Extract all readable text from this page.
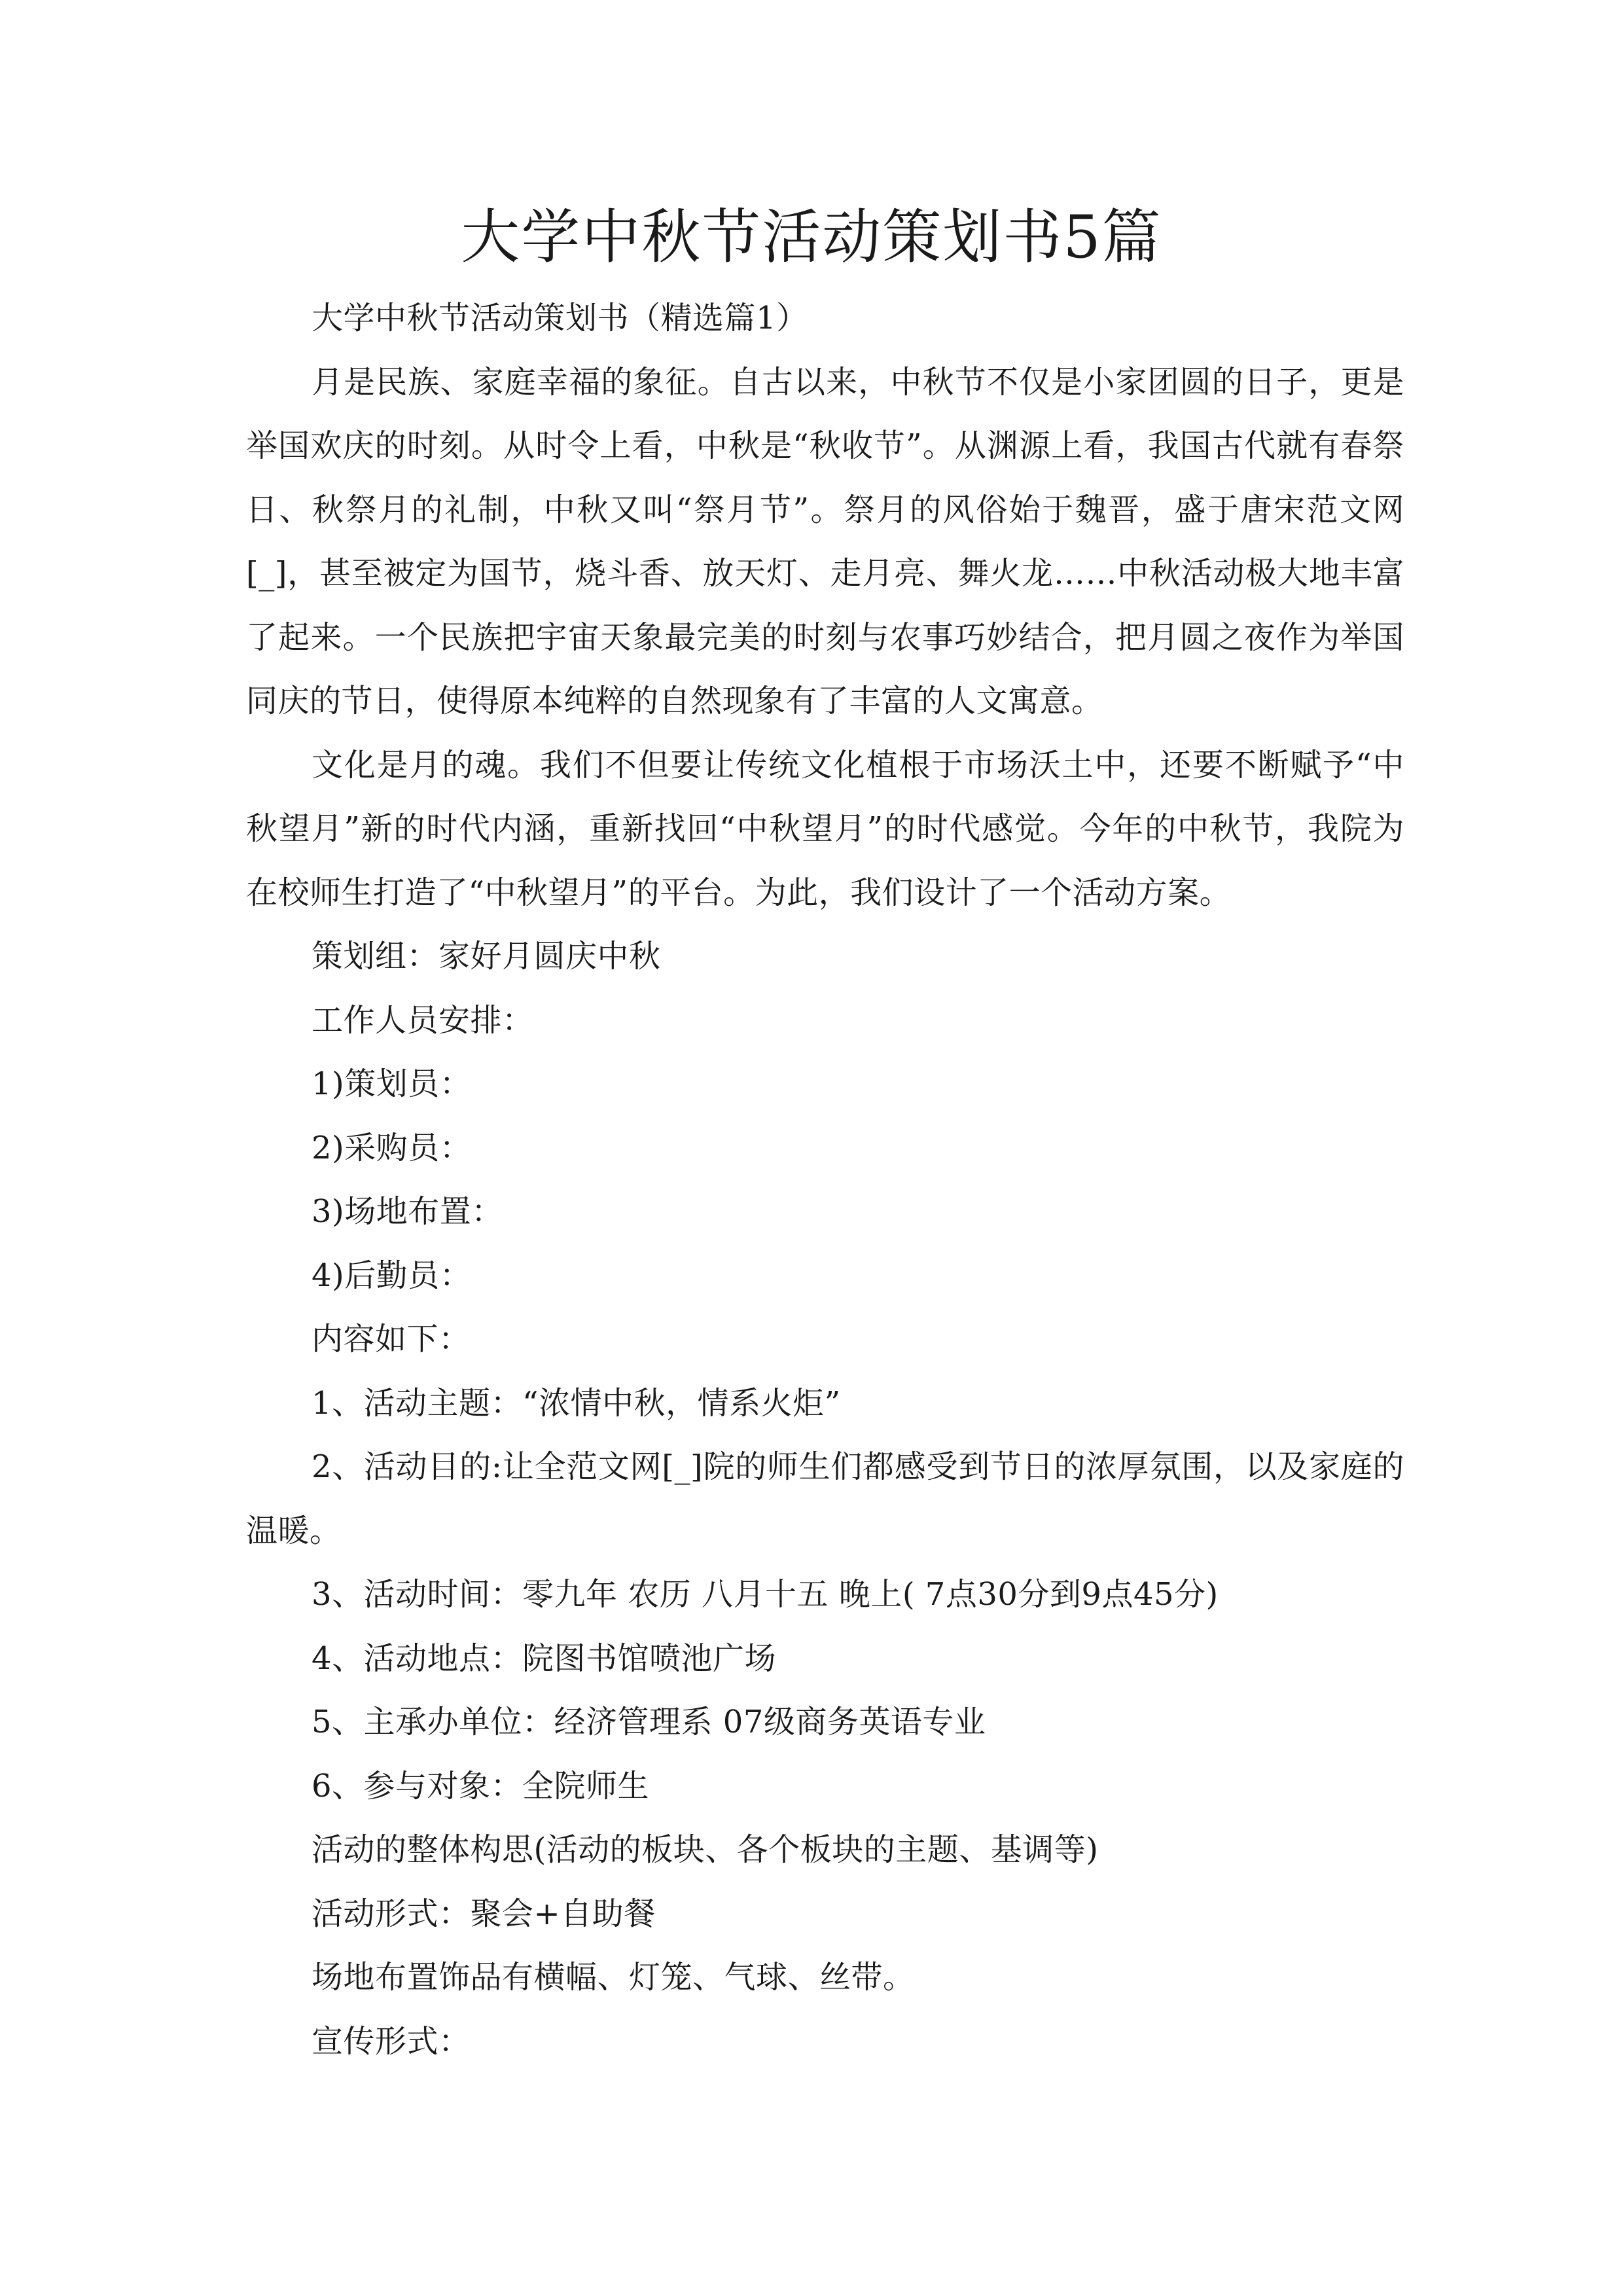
大学中秋节活动策划书5篇

大学中秋节活动策划书（精选篇1）

月是民族、家庭幸福的象征。自古以来，中秋节不仅是小家团圆的日子，更是举国欢庆的时刻。从时令上看，中秋是“秋收节”。从渊源上看，我国古代就有春祭日、秋祭月的礼制，中秋又叫“祭月节”。祭月的风俗始于魏晋，盛于唐宋范文网[_]，甚至被定为国节，烧斗香、放天灯、走月亮、舞火龙……中秋活动极大地丰富了起来。一个民族把宇宙天象最完美的时刻与农事巧妙结合，把月圆之夜作为举国同庆的节日，使得原本纯粹的自然现象有了丰富的人文寓意。

文化是月的魂。我们不但要让传统文化植根于市场沃土中，还要不断赋予“中秋望月”新的时代内涵，重新找回“中秋望月”的时代感觉。今年的中秋节，我院为在校师生打造了“中秋望月”的平台。为此，我们设计了一个活动方案。

策划组：家好月圆庆中秋

工作人员安排：

1)策划员：

2)采购员：

3)场地布置：

4)后勤员：

内容如下：

1、活动主题：“浓情中秋，情系火炬”

2、活动目的:让全范文网[_]院的师生们都感受到节日的浓厚氛围，以及家庭的温暖。

3、活动时间：零九年 农历 八月十五 晚上( 7点30分到9点45分)

4、活动地点：院图书馆喷池广场

5、主承办单位：经济管理系 07级商务英语专业

6、参与对象：全院师生

活动的整体构思(活动的板块、各个板块的主题、基调等)

活动形式：聚会+自助餐

场地布置饰品有横幅、灯笼、气球、丝带。

宣传形式：
